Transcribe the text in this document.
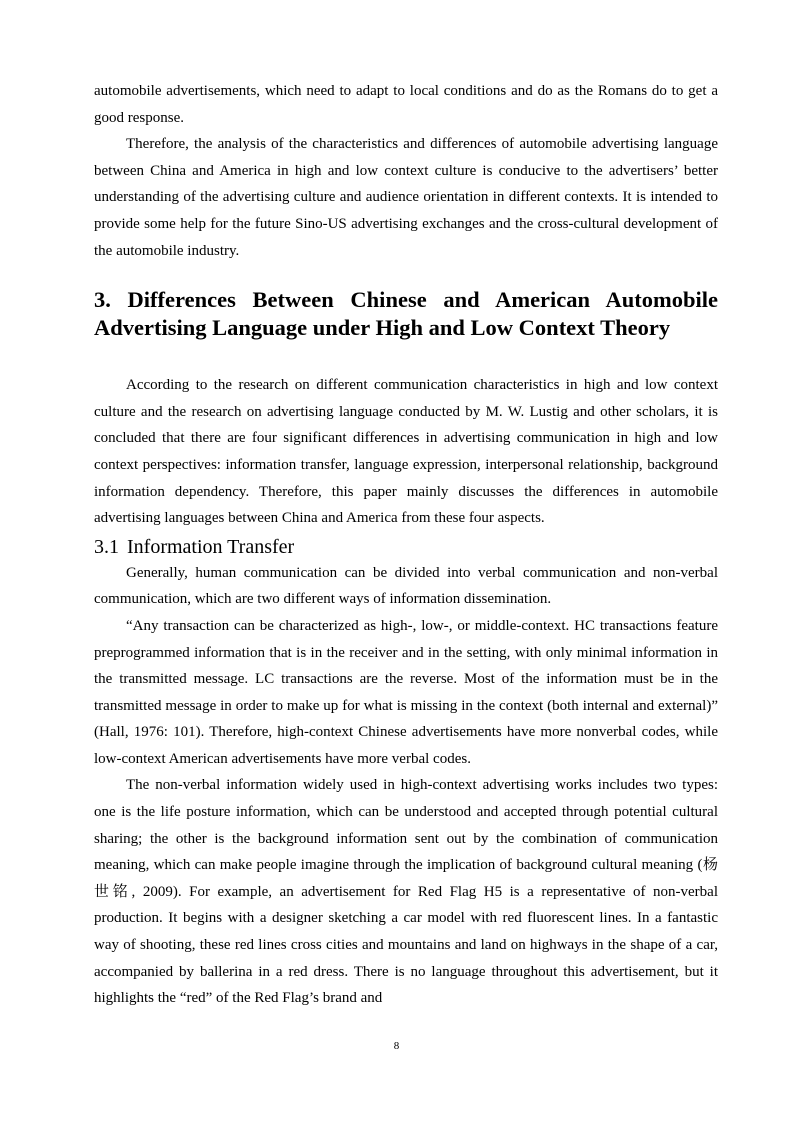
automobile advertisements, which need to adapt to local conditions and do as the Romans do to get a good response.

Therefore, the analysis of the characteristics and differences of automobile advertising language between China and America in high and low context culture is conducive to the advertisers’ better understanding of the advertising culture and audience orientation in different contexts. It is intended to provide some help for the future Sino-US advertising exchanges and the cross-cultural development of the automobile industry.

3. Differences Between Chinese and American Automobile Advertising Language under High and Low Context Theory

According to the research on different communication characteristics in high and low context culture and the research on advertising language conducted by M. W. Lustig and other scholars, it is concluded that there are four significant differences in advertising communication in high and low context perspectives: information transfer, language expression, interpersonal relationship, background information dependency. Therefore, this paper mainly discusses the differences in automobile advertising languages between China and America from these four aspects.

3.1 Information Transfer

Generally, human communication can be divided into verbal communication and non-verbal communication, which are two different ways of information dissemination.

“Any transaction can be characterized as high-, low-, or middle-context. HC transactions feature preprogrammed information that is in the receiver and in the setting, with only minimal information in the transmitted message. LC transactions are the reverse. Most of the information must be in the transmitted message in order to make up for what is missing in the context (both internal and external)” (Hall, 1976: 101). Therefore, high-context Chinese advertisements have more nonverbal codes, while low-context American advertisements have more verbal codes.

The non-verbal information widely used in high-context advertising works includes two types: one is the life posture information, which can be understood and accepted through potential cultural sharing; the other is the background information sent out by the combination of communication meaning, which can make people imagine through the implication of background cultural meaning (杨世铭, 2009). For example, an advertisement for Red Flag H5 is a representative of non-verbal production. It begins with a designer sketching a car model with red fluorescent lines. In a fantastic way of shooting, these red lines cross cities and mountains and land on highways in the shape of a car, accompanied by ballerina in a red dress. There is no language throughout this advertisement, but it highlights the “red” of the Red Flag’s brand and

8
